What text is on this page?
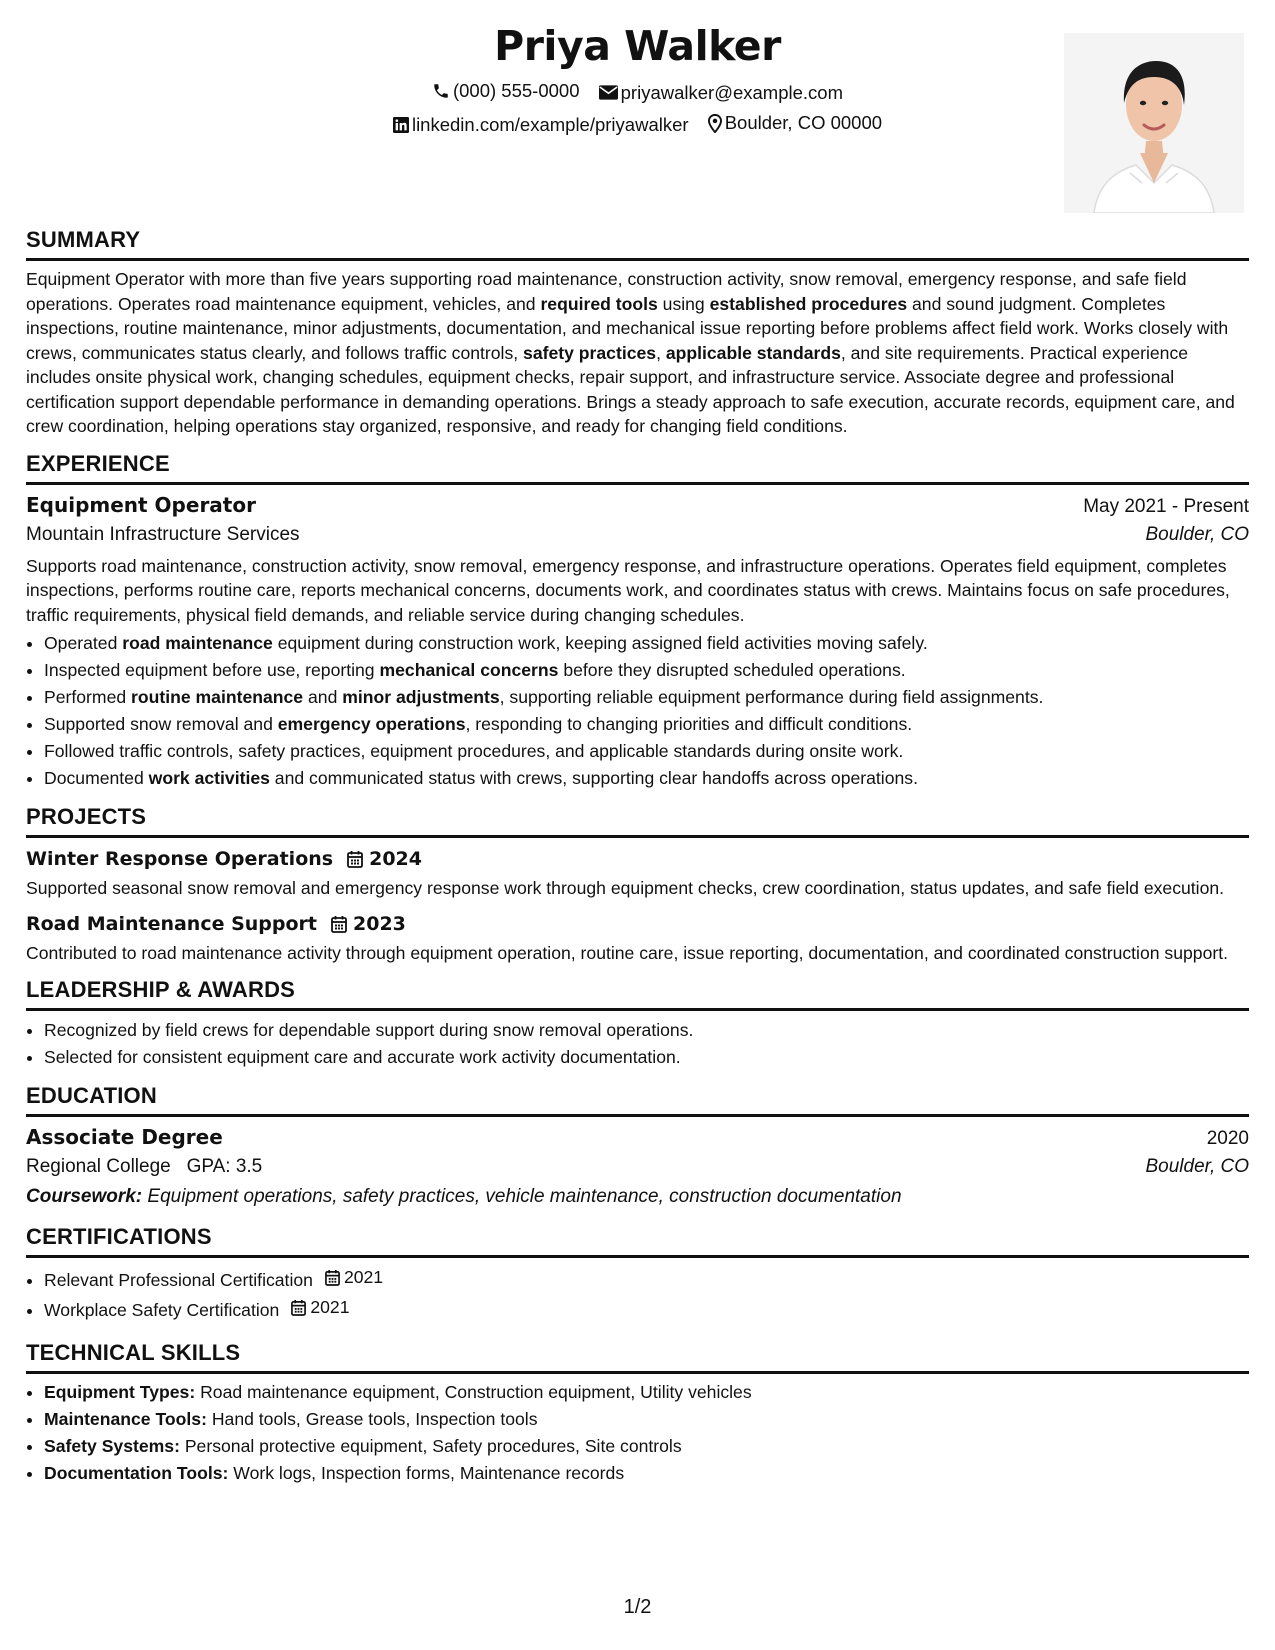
Priya Walker
(000) 555-0000
priyawalker@example.com
linkedin.com/example/priyawalker
Boulder, CO 00000
SUMMARY

Equipment Operator with more than five years supporting road maintenance, construction activity, snow removal, emergency response, and safe field operations. Operates road maintenance equipment, vehicles, and required tools using established procedures and sound judgment. Completes inspections, routine maintenance, minor adjustments, documentation, and mechanical issue reporting before problems affect field work. Works closely with crews, communicates status clearly, and follows traffic controls, safety practices, applicable standards, and site requirements. Practical experience includes onsite physical work, changing schedules, equipment checks, repair support, and infrastructure service. Associate degree and professional certification support dependable performance in demanding operations. Brings a steady approach to safe execution, accurate records, equipment care, and crew coordination, helping operations stay organized, responsive, and ready for changing field conditions.

EXPERIENCE
Equipment Operator	May 2021 - Present
Mountain Infrastructure Services	Boulder, CO

Supports road maintenance, construction activity, snow removal, emergency response, and infrastructure operations. Operates field equipment, completes inspections, performs routine care, reports mechanical concerns, documents work, and coordinates status with crews. Maintains focus on safe procedures, traffic requirements, physical field demands, and reliable service during changing schedules.

• Operated road maintenance equipment during construction work, keeping assigned field activities moving safely.
• Inspected equipment before use, reporting mechanical concerns before they disrupted scheduled operations.
• Performed routine maintenance and minor adjustments, supporting reliable equipment performance during field assignments.
• Supported snow removal and emergency operations, responding to changing priorities and difficult conditions.
• Followed traffic controls, safety practices, equipment procedures, and applicable standards during onsite work.
• Documented work activities and communicated status with crews, supporting clear handoffs across operations.
PROJECTS
Winter Response Operations 2024

Supported seasonal snow removal and emergency response work through equipment checks, crew coordination, status updates, and safe field execution.

Road Maintenance Support 2023

Contributed to road maintenance activity through equipment operation, routine care, issue reporting, documentation, and coordinated construction support.

LEADERSHIP & AWARDS
• Recognized by field crews for dependable support during snow removal operations.
• Selected for consistent equipment care and accurate work activity documentation.
EDUCATION
Associate Degree	2020
Regional College GPA: 3.5	Boulder, CO
Coursework: Equipment operations, safety practices, vehicle maintenance, construction documentation
CERTIFICATIONS
• Relevant Professional Certification 2021
• Workplace Safety Certification 2021
TECHNICAL SKILLS
• Equipment Types: Road maintenance equipment, Construction equipment, Utility vehicles
• Maintenance Tools: Hand tools, Grease tools, Inspection tools
• Safety Systems: Personal protective equipment, Safety procedures, Site controls
• Documentation Tools: Work logs, Inspection forms, Maintenance records
1/2
